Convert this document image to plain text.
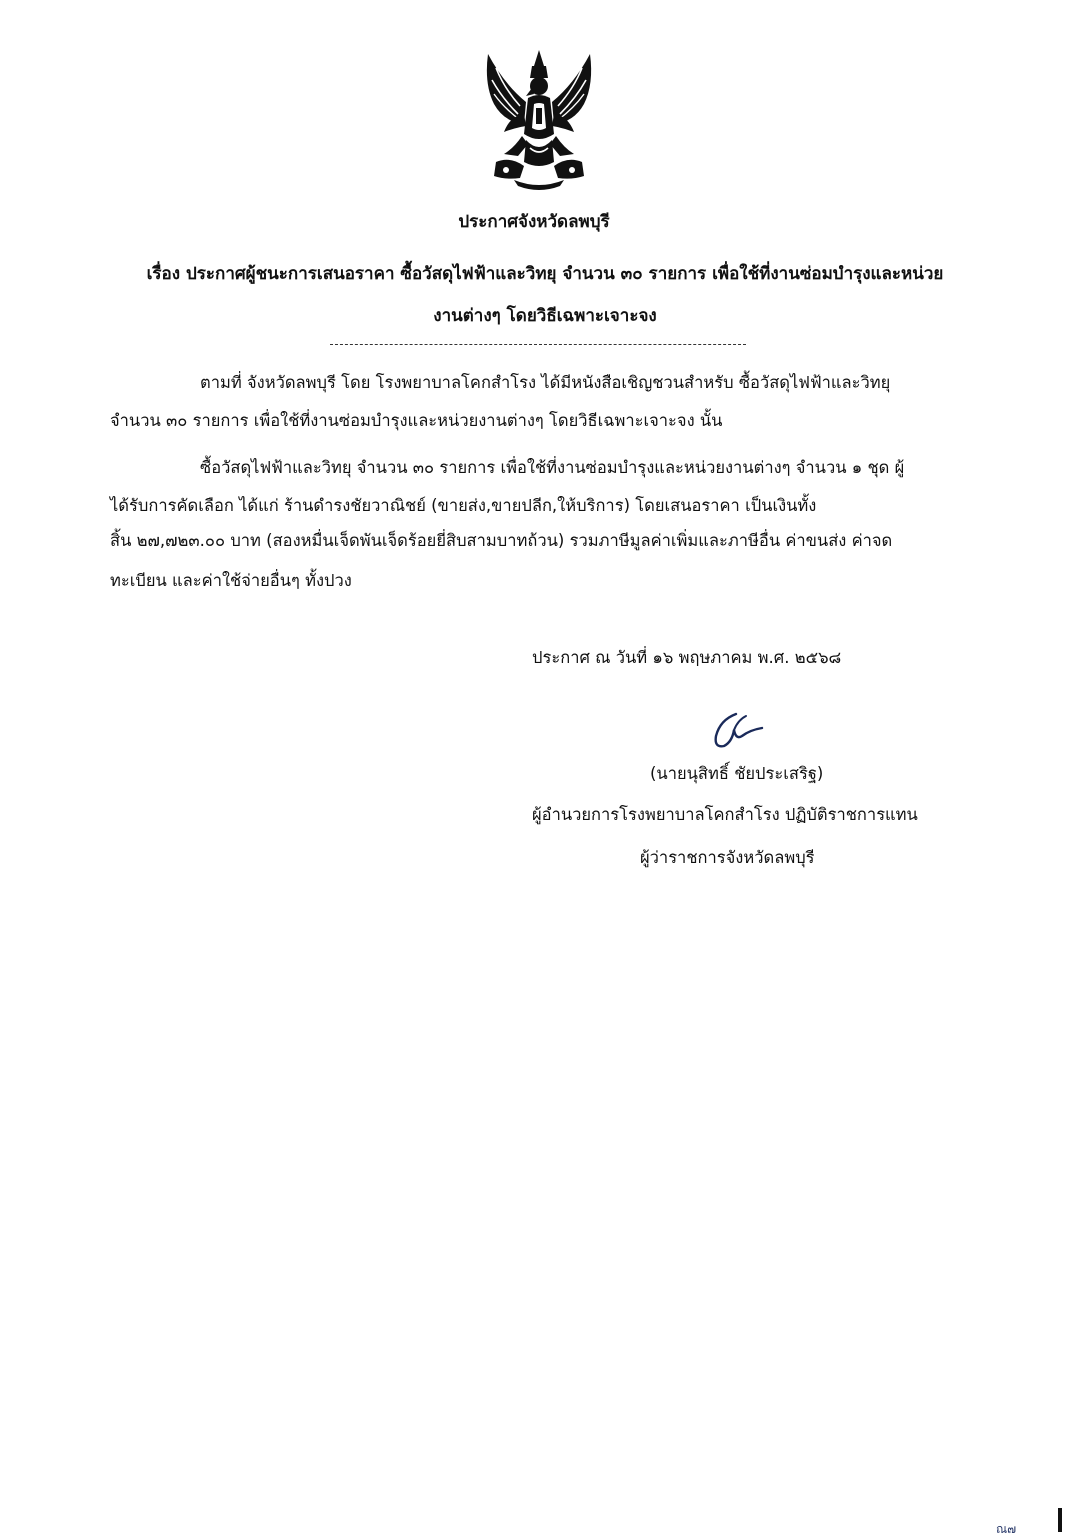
ประกาศจังหวัดลพบุรี
เรื่อง ประกาศผู้ชนะการเสนอราคา ซื้อวัสดุไฟฟ้าและวิทยุ จำนวน ๓๐ รายการ เพื่อใช้ที่งานซ่อมบำรุงและหน่วย
งานต่างๆ โดยวิธีเฉพาะเจาะจง
ตามที่ จังหวัดลพบุรี โดย โรงพยาบาลโคกสำโรง ได้มีหนังสือเชิญชวนสำหรับ ซื้อวัสดุไฟฟ้าและวิทยุ
จำนวน ๓๐ รายการ เพื่อใช้ที่งานซ่อมบำรุงและหน่วยงานต่างๆ โดยวิธีเฉพาะเจาะจง นั้น
ซื้อวัสดุไฟฟ้าและวิทยุ จำนวน ๓๐ รายการ เพื่อใช้ที่งานซ่อมบำรุงและหน่วยงานต่างๆ จำนวน ๑ ชุด ผู้
ได้รับการคัดเลือก ได้แก่ ร้านดำรงชัยวาณิชย์ (ขายส่ง,ขายปลีก,ให้บริการ) โดยเสนอราคา เป็นเงินทั้ง
สิ้น ๒๗,๗๒๓.๐๐ บาท (สองหมื่นเจ็ดพันเจ็ดร้อยยี่สิบสามบาทถ้วน) รวมภาษีมูลค่าเพิ่มและภาษีอื่น ค่าขนส่ง ค่าจด
ทะเบียน และค่าใช้จ่ายอื่นๆ ทั้งปวง
ประกาศ ณ วันที่ ๑๖ พฤษภาคม พ.ศ. ๒๕๖๘
(นายนุสิทธิ์ ชัยประเสริฐ)
ผู้อำนวยการโรงพยาบาลโคกสำโรง ปฏิบัติราชการแทน
ผู้ว่าราชการจังหวัดลพบุรี
ณ๗
